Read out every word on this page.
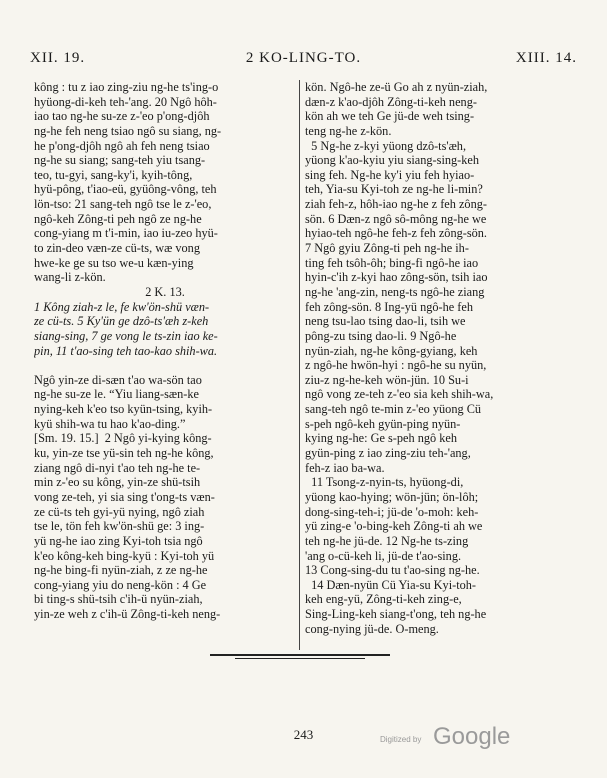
XII. 19.	2 KO-LING-TO.	XIII. 14.
kông : tu z iao zing-ziu ng-he ts'ing-o
hyüong-di-keh teh-'ang. 20 Ngô hôh-
iao tao ng-he su-ze z-'eo p'ong-djôh
ng-he feh neng tsiao ngô su siang, ng-
he p'ong-djôh ngô ah feh neng tsiao
ng-he su siang; sang-teh yiu tsang-
teo, tu-gyi, sang-ky'i, kyih-tông,
hyü-pông, t'iao-eü, gyüông-vông, teh
lön-tso: 21 sang-teh ngô tse le z-'eo,
ngô-keh Zông-ti peh ngô ze ng-he
cong-yiang m t'i-min, iao iu-zeo hyü-
to zin-deo væn-ze cü-ts, wæ vong
hwe-ke ge su tso we-u kæn-ying
wang-li z-kön.
2 K. 13.
1 Kông ziah-z le, fe kw'ön-shü væn-
ze cü-ts. 5 Ky'ün ge dzô-ts'æh z-keh
siang-sing, 7 ge vong le ts-zin iao ke-
pin, 11 t'ao-sing teh tao-kao shih-wa.
Ngô yin-ze di-sæn t'ao wa-sön tao
ng-he su-ze le. “Yiu liang-sæn-ke
nying-keh k'eo tso kyün-tsing, kyih-
kyü shih-wa tu hao k'ao-ding.”
[Sm. 19. 15.]  2 Ngô yi-kying kông-
ku, yin-ze tse yü-sin teh ng-he kông,
ziang ngô di-nyi t'ao teh ng-he te-
min z-'eo su kông, yin-ze shü-tsih
vong ze-teh, yi sia sing t'ong-ts væn-
ze cü-ts teh gyi-yü nying, ngô ziah
tse le, tön feh kw'ön-shü ge: 3 ing-
yü ng-he iao zing Kyi-toh tsia ngô
k'eo kông-keh bing-kyü : Kyi-toh yü
ng-he bing-fi nyün-ziah, z ze ng-he
cong-yiang yiu do neng-kön : 4 Ge
bi ting-s shü-tsih c'ih-ü nyün-ziah,
yin-ze weh z c'ih-ü Zông-ti-keh neng-
kön. Ngô-he ze-ü Go ah z nyün-ziah,
dæn-z k'ao-djôh Zông-ti-keh neng-
kön ah we teh Ge jü-de weh tsing-
teng ng-he z-kön.
5 Ng-he z-kyi yüong dzô-ts'æh,
yüong k'ao-kyiu yiu siang-sing-keh
sing feh. Ng-he ky'i yiu feh hyiao-
teh, Yia-su Kyi-toh ze ng-he li-min?
ziah feh-z, hôh-iao ng-he z feh zông-
sön. 6 Dæn-z ngô sô-mông ng-he we
hyiao-teh ngô-he feh-z feh zông-sön.
7 Ngô gyiu Zông-ti peh ng-he ih-
ting feh tsôh-ôh; bing-fi ngô-he iao
hyin-c'ih z-kyi hao zông-sön, tsih iao
ng-he 'ang-zin, neng-ts ngô-he ziang
feh zông-sön. 8 Ing-yü ngô-he feh
neng tsu-lao tsing dao-li, tsih we
pông-zu tsing dao-li. 9 Ngô-he
nyün-ziah, ng-he kông-gyiang, keh
z ngô-he hwön-hyi : ngô-he su nyün,
ziu-z ng-he-keh wön-jün. 10 Su-i
ngô vong ze-teh z-'eo sia keh shih-wa,
sang-teh ngô te-min z-'eo yüong Cü
s-peh ngô-keh gyün-ping nyün-
kying ng-he: Ge s-peh ngô keh
gyün-ping z iao zing-ziu teh-'ang,
feh-z iao ba-wa.
11 Tsong-z-nyin-ts, hyüong-di,
yüong kao-hying; wön-jün; ön-lôh;
dong-sing-teh-i; jü-de 'o-moh: keh-
yü zing-e 'o-bing-keh Zông-ti ah we
teh ng-he jü-de. 12 Ng-he ts-zing
'ang o-cü-keh li, jü-de t'ao-sing.
13 Cong-sing-du tu t'ao-sing ng-he.
14 Dæn-nyün Cü Yia-su Kyi-toh-
keh eng-yü, Zông-ti-keh zing-e,
Sing-Ling-keh siang-t'ong, teh ng-he
cong-nying jü-de. O-meng.
243	Digitized by Google
